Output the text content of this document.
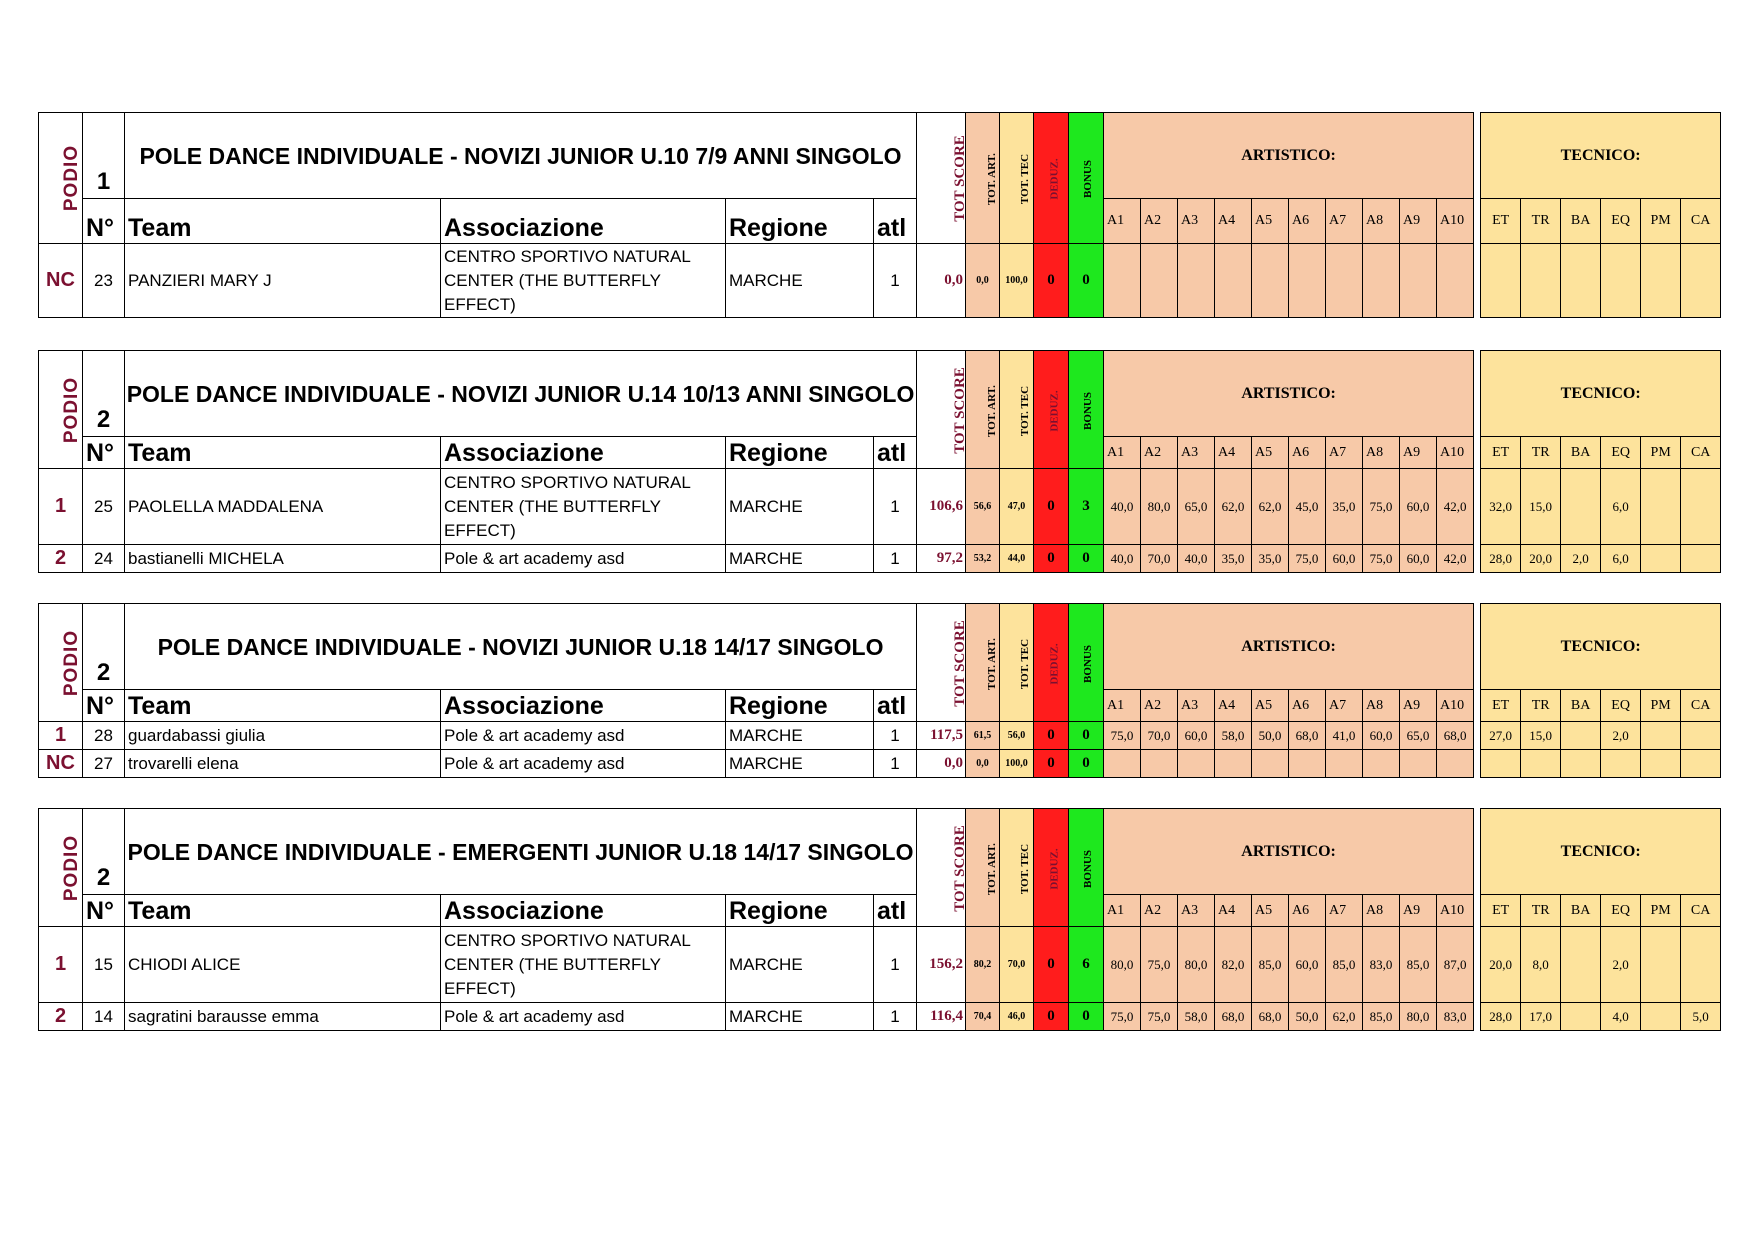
PODIO	1	POLE DANCE INDIVIDUALE - NOVIZI JUNIOR U.10 7/9 ANNI SINGOLO				TOT SCORE	TOT. ART.	TOT. TEC	DEDUZ.	BONUS	ARTISTICO:											TECNICO:					
	N°	Team	Associazione	Regione	atl						A1	A2	A3	A4	A5	A6	A7	A8	A9	A10		ET	TR	BA	EQ	PM	CA
NC	23	PANZIERI MARY J	CENTRO SPORTIVO NATURAL CENTER (THE BUTTERFLY EFFECT)	MARCHE	1	0,0	0,0	100,0	0	0																	
PODIO	2	POLE DANCE INDIVIDUALE - NOVIZI JUNIOR U.14 10/13 ANNI SINGOLO				TOT SCORE	TOT. ART.	TOT. TEC	DEDUZ.	BONUS	ARTISTICO:											TECNICO:					
	N°	Team	Associazione	Regione	atl						A1	A2	A3	A4	A5	A6	A7	A8	A9	A10		ET	TR	BA	EQ	PM	CA
1	25	PAOLELLA MADDALENA	CENTRO SPORTIVO NATURAL CENTER (THE BUTTERFLY EFFECT)	MARCHE	1	106,6	56,6	47,0	0	3	40,0	80,0	65,0	62,0	62,0	45,0	35,0	75,0	60,0	42,0		32,0	15,0		6,0		
2	24	bastianelli MICHELA	Pole & art academy asd	MARCHE	1	97,2	53,2	44,0	0	0	40,0	70,0	40,0	35,0	35,0	75,0	60,0	75,0	60,0	42,0		28,0	20,0	2,0	6,0		
PODIO	2	POLE DANCE INDIVIDUALE - NOVIZI JUNIOR U.18 14/17 SINGOLO				TOT SCORE	TOT. ART.	TOT. TEC	DEDUZ.	BONUS	ARTISTICO:											TECNICO:					
	N°	Team	Associazione	Regione	atl						A1	A2	A3	A4	A5	A6	A7	A8	A9	A10		ET	TR	BA	EQ	PM	CA
1	28	guardabassi giulia	Pole & art academy asd	MARCHE	1	117,5	61,5	56,0	0	0	75,0	70,0	60,0	58,0	50,0	68,0	41,0	60,0	65,0	68,0		27,0	15,0		2,0		
NC	27	trovarelli elena	Pole & art academy asd	MARCHE	1	0,0	0,0	100,0	0	0																	
PODIO	2	POLE DANCE INDIVIDUALE - EMERGENTI JUNIOR U.18 14/17 SINGOLO				TOT SCORE	TOT. ART.	TOT. TEC	DEDUZ.	BONUS	ARTISTICO:											TECNICO:					
	N°	Team	Associazione	Regione	atl						A1	A2	A3	A4	A5	A6	A7	A8	A9	A10		ET	TR	BA	EQ	PM	CA
1	15	CHIODI ALICE	CENTRO SPORTIVO NATURAL CENTER (THE BUTTERFLY EFFECT)	MARCHE	1	156,2	80,2	70,0	0	6	80,0	75,0	80,0	82,0	85,0	60,0	85,0	83,0	85,0	87,0		20,0	8,0		2,0		
2	14	sagratini barausse emma	Pole & art academy asd	MARCHE	1	116,4	70,4	46,0	0	0	75,0	75,0	58,0	68,0	68,0	50,0	62,0	85,0	80,0	83,0		28,0	17,0		4,0		5,0
